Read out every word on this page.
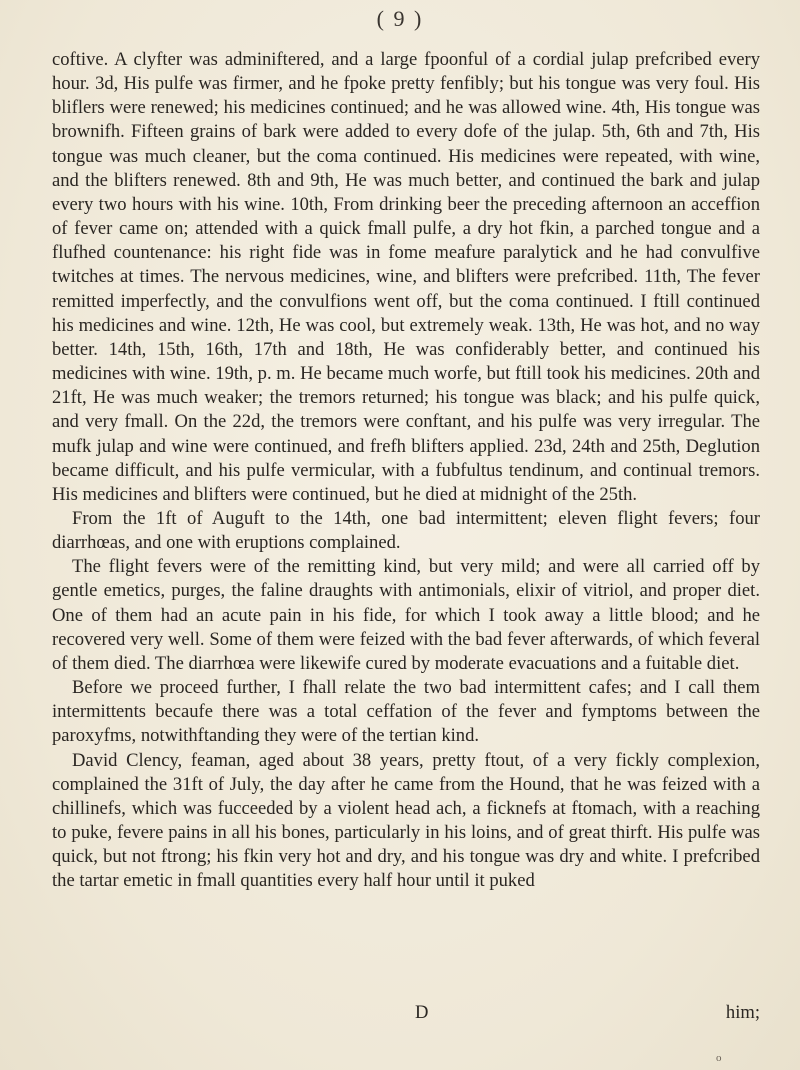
( 9 )

coftive. A clyfter was adminiftered, and a large fpoonful of a cordial julap prefcribed every hour. 3d, His pulfe was firmer, and he fpoke pretty fenfibly; but his tongue was very foul. His bliflers were renewed; his medicines continued; and he was allowed wine. 4th, His tongue was brownifh. Fifteen grains of bark were added to every dofe of the julap. 5th, 6th and 7th, His tongue was much cleaner, but the coma continued. His medicines were repeated, with wine, and the blifters renewed. 8th and 9th, He was much better, and continued the bark and julap every two hours with his wine. 10th, From drinking beer the preceding afternoon an acceffion of fever came on; attended with a quick fmall pulfe, a dry hot fkin, a parched tongue and a flufhed countenance: his right fide was in fome meafure paralytick and he had convulfive twitches at times. The nervous medicines, wine, and blifters were prefcribed. 11th, The fever remitted imperfectly, and the convulfions went off, but the coma continued. I ftill continued his medicines and wine. 12th, He was cool, but extremely weak. 13th, He was hot, and no way better. 14th, 15th, 16th, 17th and 18th, He was confiderably better, and continued his medicines with wine. 19th, p. m. He became much worfe, but ftill took his medicines. 20th and 21ft, He was much weaker; the tremors returned; his tongue was black; and his pulfe quick, and very fmall. On the 22d, the tremors were conftant, and his pulfe was very irregular. The mufk julap and wine were continued, and frefh blifters applied. 23d, 24th and 25th, Deglution became difficult, and his pulfe vermicular, with a fubfultus tendinum, and continual tremors. His medicines and blifters were continued, but he died at midnight of the 25th.

From the 1ft of Auguft to the 14th, one bad intermittent; eleven flight fevers; four diarrhœas, and one with eruptions complained.

The flight fevers were of the remitting kind, but very mild; and were all carried off by gentle emetics, purges, the faline draughts with antimonials, elixir of vitriol, and proper diet. One of them had an acute pain in his fide, for which I took away a little blood; and he recovered very well. Some of them were feized with the bad fever afterwards, of which feveral of them died. The diarrhœa were likewife cured by moderate evacuations and a fuitable diet.

Before we proceed further, I fhall relate the two bad intermittent cafes; and I call them intermittents becaufe there was a total ceffation of the fever and fymptoms between the paroxyfms, notwithftanding they were of the tertian kind.

David Clency, feaman, aged about 38 years, pretty ftout, of a very fickly complexion, complained the 31ft of July, the day after he came from the Hound, that he was feized with a chillinefs, which was fucceeded by a violent head ach, a ficknefs at ftomach, with a reaching to puke, fevere pains in all his bones, particularly in his loins, and of great thirft. His pulfe was quick, but not ftrong; his fkin very hot and dry, and his tongue was dry and white. I prefcribed the tartar emetic in fmall quantities every half hour until it puked

D	him;
o
